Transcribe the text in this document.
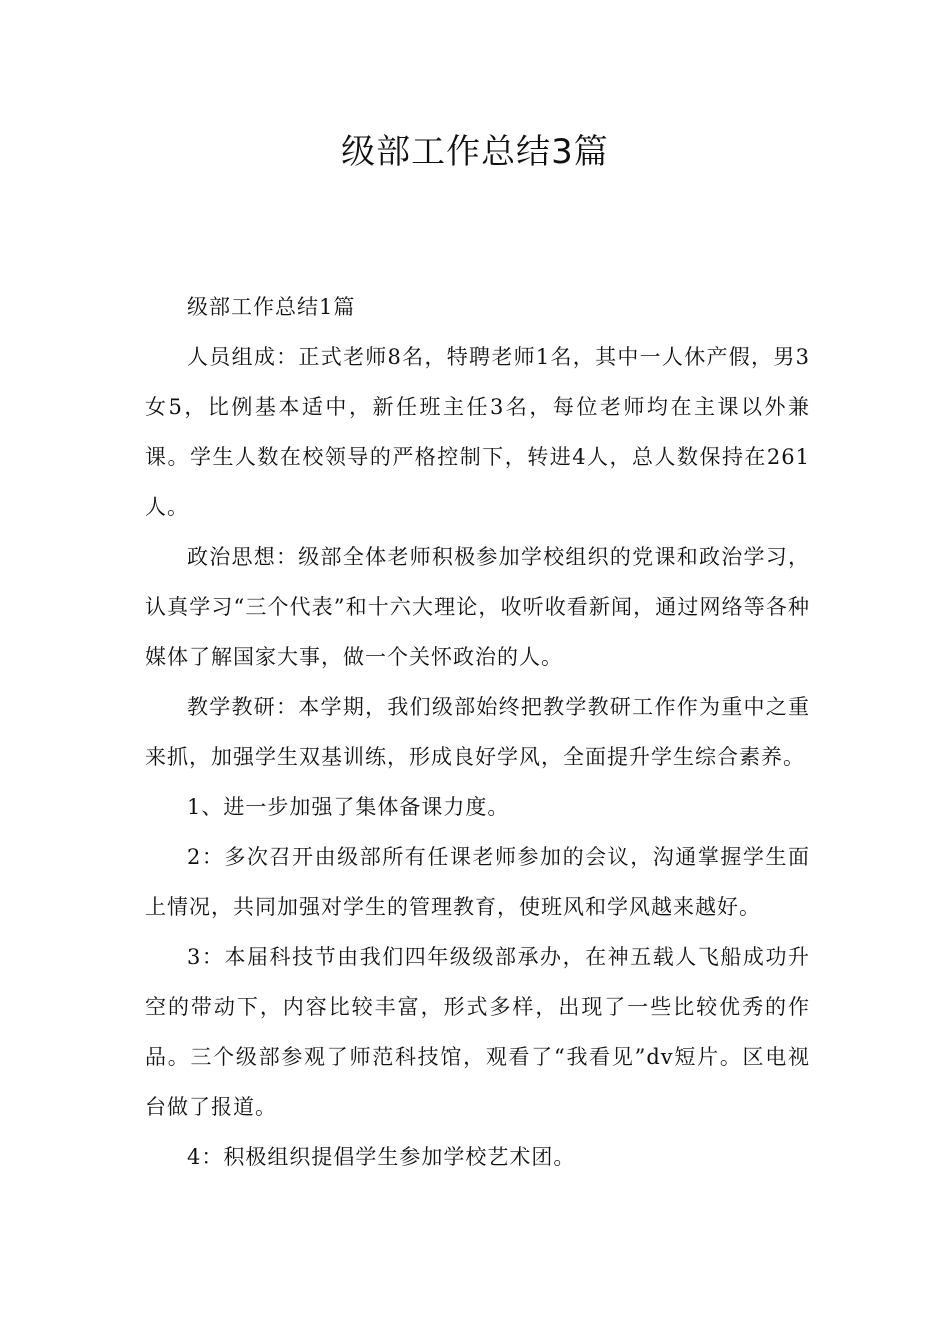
级部工作总结3篇

级部工作总结1篇

人员组成：正式老师8名，特聘老师1名，其中一人休产假，男3女5，比例基本适中，新任班主任3名，每位老师均在主课以外兼课。学生人数在校领导的严格控制下，转进4人，总人数保持在261人。

政治思想：级部全体老师积极参加学校组织的党课和政治学习，认真学习“三个代表”和十六大理论，收听收看新闻，通过网络等各种媒体了解国家大事，做一个关怀政治的人。

教学教研：本学期，我们级部始终把教学教研工作作为重中之重来抓，加强学生双基训练，形成良好学风，全面提升学生综合素养。

1、进一步加强了集体备课力度。

2：多次召开由级部所有任课老师参加的会议，沟通掌握学生面上情况，共同加强对学生的管理教育，使班风和学风越来越好。

3：本届科技节由我们四年级级部承办，在神五载人飞船成功升空的带动下，内容比较丰富，形式多样，出现了一些比较优秀的作品。三个级部参观了师范科技馆，观看了“我看见”dv短片。区电视台做了报道。

4：积极组织提倡学生参加学校艺术团。
